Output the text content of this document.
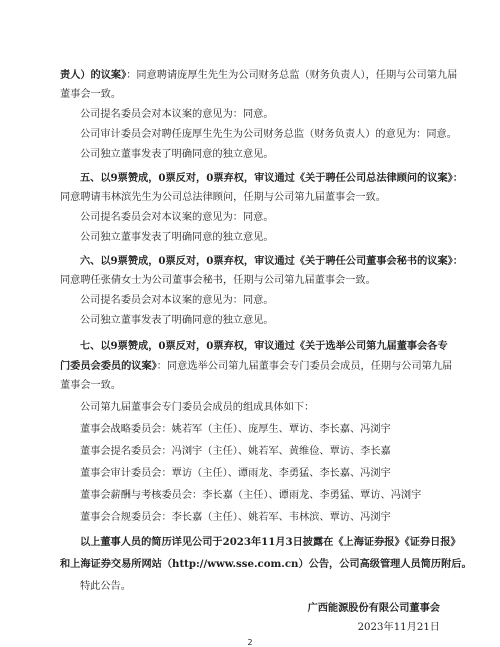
责人）的议案》：同意聘请庞厚生先生为公司财务总监（财务负责人），任期与公司第九届
董事会一致。
公司提名委员会对本议案的意见为：同意。
公司审计委员会对聘任庞厚生先生为公司财务总监（财务负责人）的意见为：同意。
公司独立董事发表了明确同意的独立意见。
五、以9票赞成，0票反对，0票弃权，审议通过《关于聘任公司总法律顾问的议案》：
同意聘请韦林滨先生为公司总法律顾问，任期与公司第九届董事会一致。
公司提名委员会对本议案的意见为：同意。
公司独立董事发表了明确同意的独立意见。
六、以9票赞成，0票反对，0票弃权，审议通过《关于聘任公司董事会秘书的议案》：
同意聘任张倩女士为公司董事会秘书，任期与公司第九届董事会一致。
公司提名委员会对本议案的意见为：同意。
公司独立董事发表了明确同意的独立意见。
七、以9票赞成，0票反对，0票弃权，审议通过《关于选举公司第九届董事会各专
门委员会委员的议案》：同意选举公司第九届董事会专门委员会成员，任期与公司第九届
董事会一致。
公司第九届董事会专门委员会成员的组成具体如下：
董事会战略委员会：姚若军（主任）、庞厚生、覃访、李长嘉、冯浏宇
董事会提名委员会：冯浏宇（主任）、姚若军、黄维俭、覃访、李长嘉
董事会审计委员会：覃访（主任）、谭雨龙、李勇猛、李长嘉、冯浏宇
董事会薪酬与考核委员会：李长嘉（主任）、谭雨龙、李勇猛、覃访、冯浏宇
董事会合规委员会：李长嘉（主任）、姚若军、韦林滨、覃访、冯浏宇
以上董事人员的简历详见公司于2023年11月3日披露在《上海证券报》《证券日报》
和上海证券交易所网站（http://www.sse.com.cn）公告，公司高级管理人员简历附后。
特此公告。
广西能源股份有限公司董事会
2023年11月21日
2
